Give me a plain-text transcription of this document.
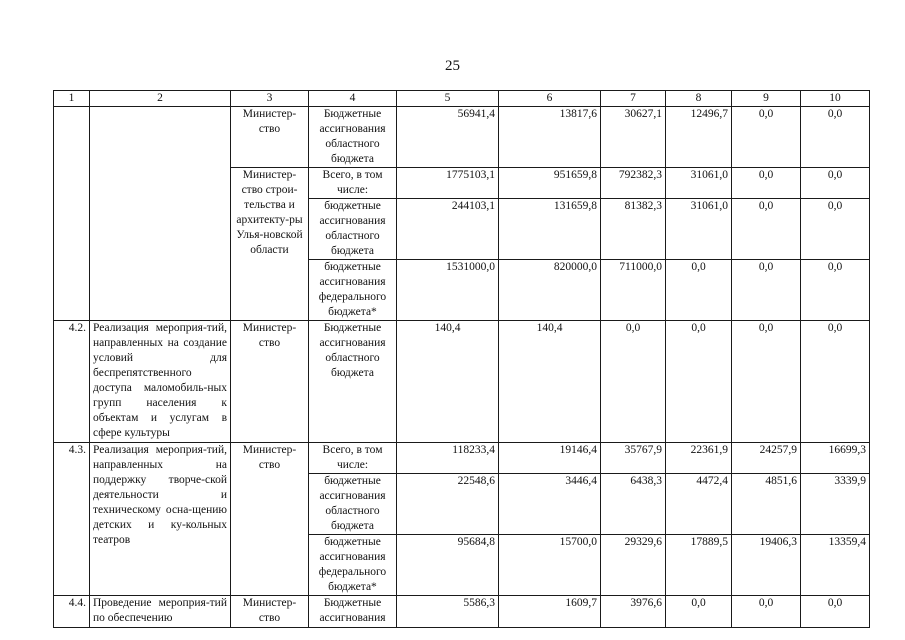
25
1	2	3	4	5	6	7	8	9	10
		Министер-ство	Бюджетные ассигнования областного бюджета	56941,4	13817,6	30627,1	12496,7	0,0	0,0
		Министер-ство строи-тельства и архитекту-ры Улья-новской области	Всего, в том числе:	1775103,1	951659,8	792382,3	31061,0	0,0	0,0
			бюджетные ассигнования областного бюджета	244103,1	131659,8	81382,3	31061,0	0,0	0,0
			бюджетные ассигнования федерального бюджета*	1531000,0	820000,0	711000,0	0,0	0,0	0,0
4.2.	Реализация мероприя-тий, направленных на создание условий для беспрепятственного доступа маломобиль-ных групп населения к объектам и услугам в сфере культуры	Министер-ство	Бюджетные ассигнования областного бюджета	140,4	140,4	0,0	0,0	0,0	0,0
4.3.	Реализация мероприя-тий, направленных на поддержку творче-ской деятельности и техническому осна-щению детских и ку-кольных театров	Министер-ство	Всего, в том числе:	118233,4	19146,4	35767,9	22361,9	24257,9	16699,3
			бюджетные ассигнования областного бюджета	22548,6	3446,4	6438,3	4472,4	4851,6	3339,9
			бюджетные ассигнования федерального бюджета*	95684,8	15700,0	29329,6	17889,5	19406,3	13359,4
4.4.	Проведение мероприя-тий по обеспечению	Министер-ство	Бюджетные ассигнования	5586,3	1609,7	3976,6	0,0	0,0	0,0
